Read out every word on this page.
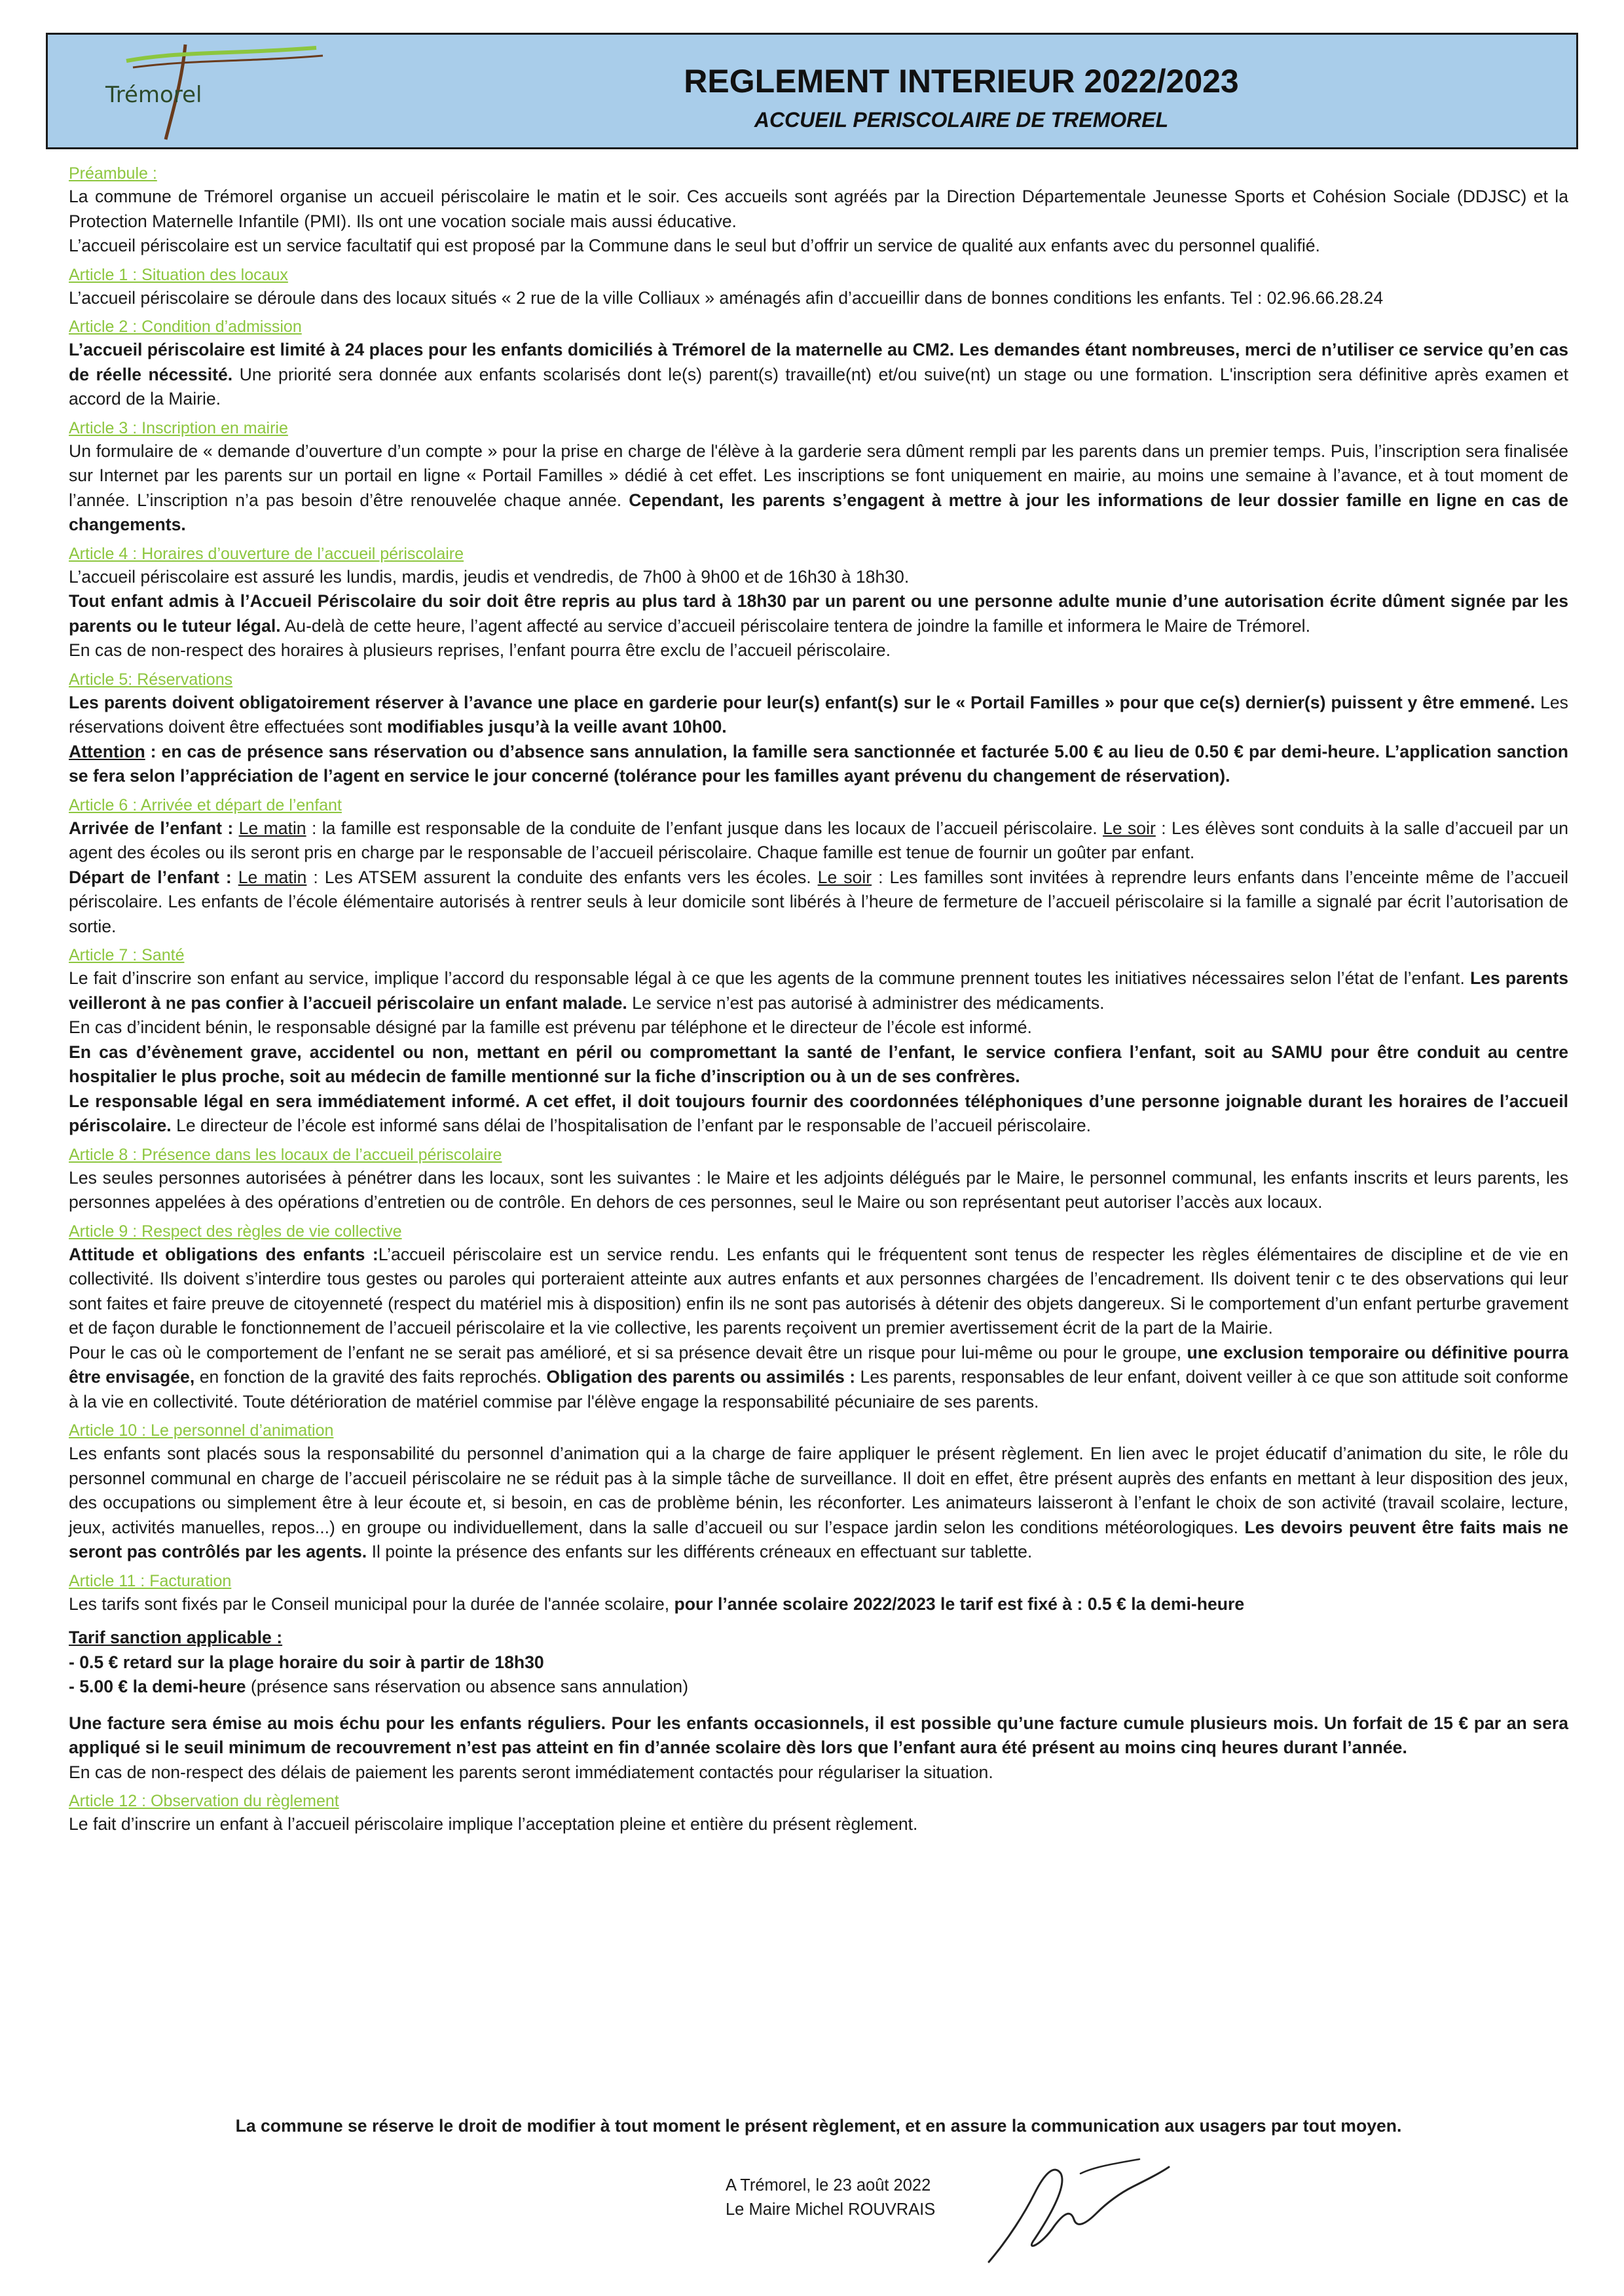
Trémorel	REGLEMENT INTERIEUR 2022/2023
ACCUEIL PERISCOLAIRE DE TREMOREL
Préambule :

La commune de Trémorel organise un accueil périscolaire le matin et le soir. Ces accueils sont agréés par la Direction Départementale Jeunesse Sports et Cohésion Sociale (DDJSC) et la Protection Maternelle Infantile (PMI). Ils ont une vocation sociale mais aussi éducative.

L’accueil périscolaire est un service facultatif qui est proposé par la Commune dans le seul but d’offrir un service de qualité aux enfants avec du personnel qualifié.

Article 1 : Situation des locaux

L’accueil périscolaire se déroule dans des locaux situés « 2 rue de la ville Colliaux » aménagés afin d’accueillir dans de bonnes conditions les enfants. Tel : 02.96.66.28.24

Article 2 : Condition d’admission

L’accueil périscolaire est limité à 24 places pour les enfants domiciliés à Trémorel de la maternelle au CM2. Les demandes étant nombreuses, merci de n’utiliser ce service qu’en cas de réelle nécessité. Une priorité sera donnée aux enfants scolarisés dont le(s) parent(s) travaille(nt) et/ou suive(nt) un stage ou une formation. L'inscription sera définitive après examen et accord de la Mairie.

Article 3 : Inscription en mairie

Un formulaire de « demande d’ouverture d’un compte » pour la prise en charge de l'élève à la garderie sera dûment rempli par les parents dans un premier temps. Puis, l’inscription sera finalisée sur Internet par les parents sur un portail en ligne « Portail Familles » dédié à cet effet. Les inscriptions se font uniquement en mairie, au moins une semaine à l’avance, et à tout moment de l’année. L’inscription n’a pas besoin d’être renouvelée chaque année. Cependant, les parents s’engagent à mettre à jour les informations de leur dossier famille en ligne en cas de changements.

Article 4 : Horaires d’ouverture de l’accueil périscolaire

L’accueil périscolaire est assuré les lundis, mardis, jeudis et vendredis, de 7h00 à 9h00 et de 16h30 à 18h30.

Tout enfant admis à l’Accueil Périscolaire du soir doit être repris au plus tard à 18h30 par un parent ou une personne adulte munie d’une autorisation écrite dûment signée par les parents ou le tuteur légal. Au-delà de cette heure, l’agent affecté au service d’accueil périscolaire tentera de joindre la famille et informera le Maire de Trémorel.

En cas de non-respect des horaires à plusieurs reprises, l’enfant pourra être exclu de l’accueil périscolaire.

Article 5: Réservations

Les parents doivent obligatoirement réserver à l’avance une place en garderie pour leur(s) enfant(s) sur le « Portail Familles » pour que ce(s) dernier(s) puissent y être emmené. Les réservations doivent être effectuées sont modifiables jusqu’à la veille avant 10h00.

Attention : en cas de présence sans réservation ou d’absence sans annulation, la famille sera sanctionnée et facturée 5.00 € au lieu de 0.50 € par demi-heure. L’application sanction se fera selon l’appréciation de l’agent en service le jour concerné (tolérance pour les familles ayant prévenu du changement de réservation).

Article 6 : Arrivée et départ de l’enfant

Arrivée de l’enfant : Le matin : la famille est responsable de la conduite de l’enfant jusque dans les locaux de l’accueil périscolaire. Le soir : Les élèves sont conduits à la salle d’accueil par un agent des écoles ou ils seront pris en charge par le responsable de l’accueil périscolaire. Chaque famille est tenue de fournir un goûter par enfant.

Départ de l’enfant : Le matin : Les ATSEM assurent la conduite des enfants vers les écoles. Le soir : Les familles sont invitées à reprendre leurs enfants dans l’enceinte même de l’accueil périscolaire. Les enfants de l’école élémentaire autorisés à rentrer seuls à leur domicile sont libérés à l’heure de fermeture de l’accueil périscolaire si la famille a signalé par écrit l’autorisation de sortie.

Article 7 : Santé

Le fait d’inscrire son enfant au service, implique l’accord du responsable légal à ce que les agents de la commune prennent toutes les initiatives nécessaires selon l’état de l’enfant. Les parents veilleront à ne pas confier à l’accueil périscolaire un enfant malade. Le service n’est pas autorisé à administrer des médicaments.

En cas d’incident bénin, le responsable désigné par la famille est prévenu par téléphone et le directeur de l’école est informé.

En cas d’évènement grave, accidentel ou non, mettant en péril ou compromettant la santé de l’enfant, le service confiera l’enfant, soit au SAMU pour être conduit au centre hospitalier le plus proche, soit au médecin de famille mentionné sur la fiche d’inscription ou à un de ses confrères.

Le responsable légal en sera immédiatement informé. A cet effet, il doit toujours fournir des coordonnées téléphoniques d’une personne joignable durant les horaires de l’accueil périscolaire. Le directeur de l’école est informé sans délai de l’hospitalisation de l’enfant par le responsable de l’accueil périscolaire.

Article 8 : Présence dans les locaux de l’accueil périscolaire

Les seules personnes autorisées à pénétrer dans les locaux, sont les suivantes : le Maire et les adjoints délégués par le Maire, le personnel communal, les enfants inscrits et leurs parents, les personnes appelées à des opérations d’entretien ou de contrôle. En dehors de ces personnes, seul le Maire ou son représentant peut autoriser l’accès aux locaux.

Article 9 : Respect des règles de vie collective

Attitude et obligations des enfants :L’accueil périscolaire est un service rendu. Les enfants qui le fréquentent sont tenus de respecter les règles élémentaires de discipline et de vie en collectivité. Ils doivent s’interdire tous gestes ou paroles qui porteraient atteinte aux autres enfants et aux personnes chargées de l’encadrement. Ils doivent tenir c te des observations qui leur sont faites et faire preuve de citoyenneté (respect du matériel mis à disposition) enfin ils ne sont pas autorisés à détenir des objets dangereux. Si le comportement d’un enfant perturbe gravement et de façon durable le fonctionnement de l’accueil périscolaire et la vie collective, les parents reçoivent un premier avertissement écrit de la part de la Mairie.

Pour le cas où le comportement de l’enfant ne se serait pas amélioré, et si sa présence devait être un risque pour lui-même ou pour le groupe, une exclusion temporaire ou définitive pourra être envisagée, en fonction de la gravité des faits reprochés. Obligation des parents ou assimilés : Les parents, responsables de leur enfant, doivent veiller à ce que son attitude soit conforme à la vie en collectivité. Toute détérioration de matériel commise par l'élève engage la responsabilité pécuniaire de ses parents.

Article 10 : Le personnel d’animation

Les enfants sont placés sous la responsabilité du personnel d’animation qui a la charge de faire appliquer le présent règlement. En lien avec le projet éducatif d’animation du site, le rôle du personnel communal en charge de l’accueil périscolaire ne se réduit pas à la simple tâche de surveillance. Il doit en effet, être présent auprès des enfants en mettant à leur disposition des jeux, des occupations ou simplement être à leur écoute et, si besoin, en cas de problème bénin, les réconforter. Les animateurs laisseront à l’enfant le choix de son activité (travail scolaire, lecture, jeux, activités manuelles, repos...) en groupe ou individuellement, dans la salle d’accueil ou sur l’espace jardin selon les conditions météorologiques. Les devoirs peuvent être faits mais ne seront pas contrôlés par les agents. Il pointe la présence des enfants sur les différents créneaux en effectuant sur tablette.

Article 11 : Facturation

Les tarifs sont fixés par le Conseil municipal pour la durée de l'année scolaire, pour l’année scolaire 2022/2023 le tarif est fixé à : 0.5 € la demi-heure

Tarif sanction applicable :

- 0.5 € retard sur la plage horaire du soir à partir de 18h30

- 5.00 € la demi-heure (présence sans réservation ou absence sans annulation)

Une facture sera émise au mois échu pour les enfants réguliers. Pour les enfants occasionnels, il est possible qu’une facture cumule plusieurs mois. Un forfait de 15 € par an sera appliqué si le seuil minimum de recouvrement n’est pas atteint en fin d’année scolaire dès lors que l’enfant aura été présent au moins cinq heures durant l’année.

En cas de non-respect des délais de paiement les parents seront immédiatement contactés pour régulariser la situation.

Article 12 : Observation du règlement

Le fait d’inscrire un enfant à l’accueil périscolaire implique l’acceptation pleine et entière du présent règlement.

La commune se réserve le droit de modifier à tout moment le présent règlement, et en assure la communication aux usagers par tout moyen.
A Trémorel, le 23 août 2022
Le Maire Michel ROUVRAIS
